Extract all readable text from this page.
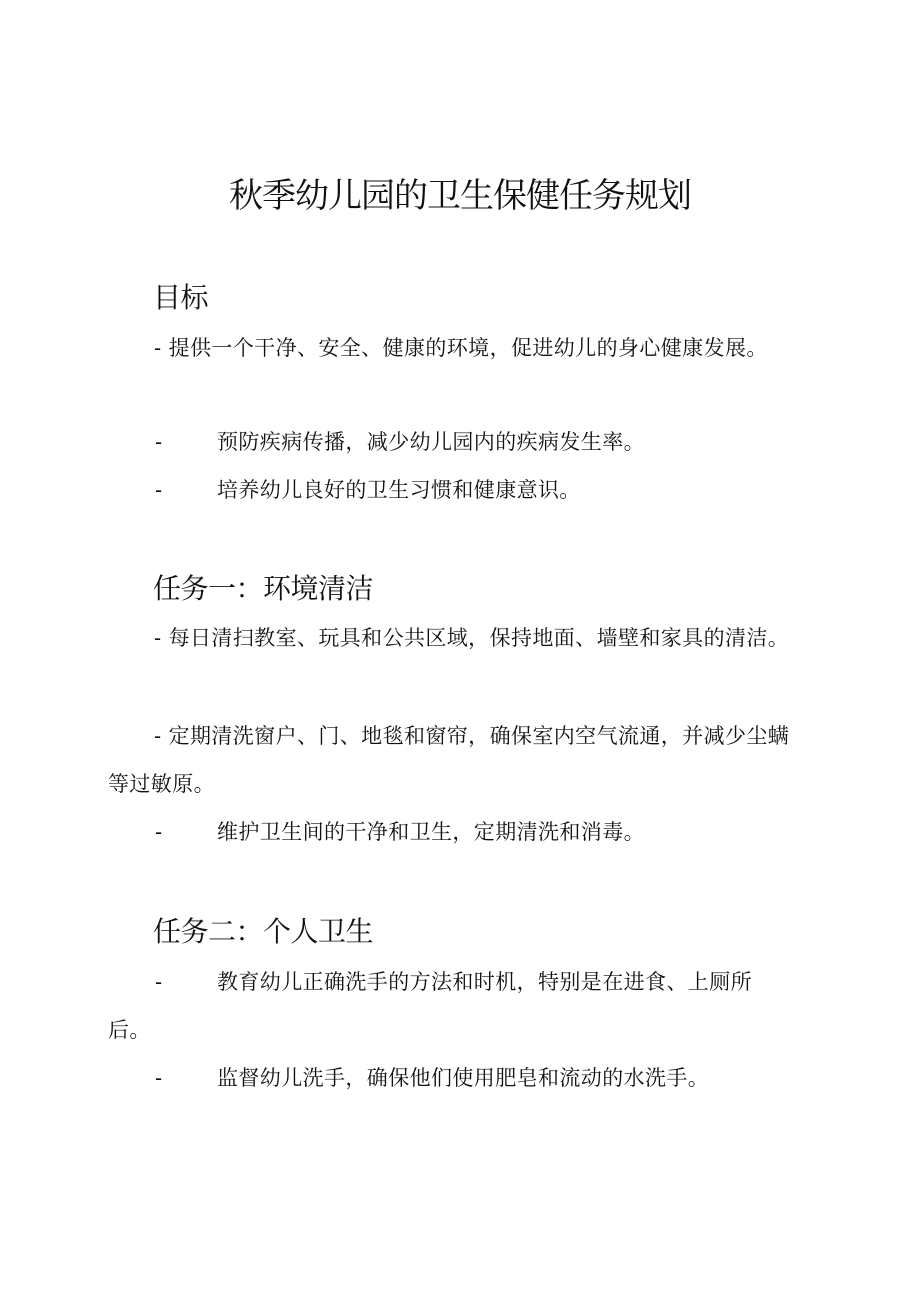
秋季幼儿园的卫生保健任务规划
目标

- 提供一个干净、安全、健康的环境，促进幼儿的身心健康发展。

-	预防疾病传播，减少幼儿园内的疾病发生率。
-	培养幼儿良好的卫生习惯和健康意识。
任务一：环境清洁

- 每日清扫教室、玩具和公共区域，保持地面、墙壁和家具的清洁。

- 定期清洗窗户、门、地毯和窗帘，确保室内空气流通，并减少尘螨等过敏原。

-	维护卫生间的干净和卫生，定期清洗和消毒。
任务二：个人卫生
-	教育幼儿正确洗手的方法和时机，特别是在进食、上厕所
后。
-	监督幼儿洗手，确保他们使用肥皂和流动的水洗手。
